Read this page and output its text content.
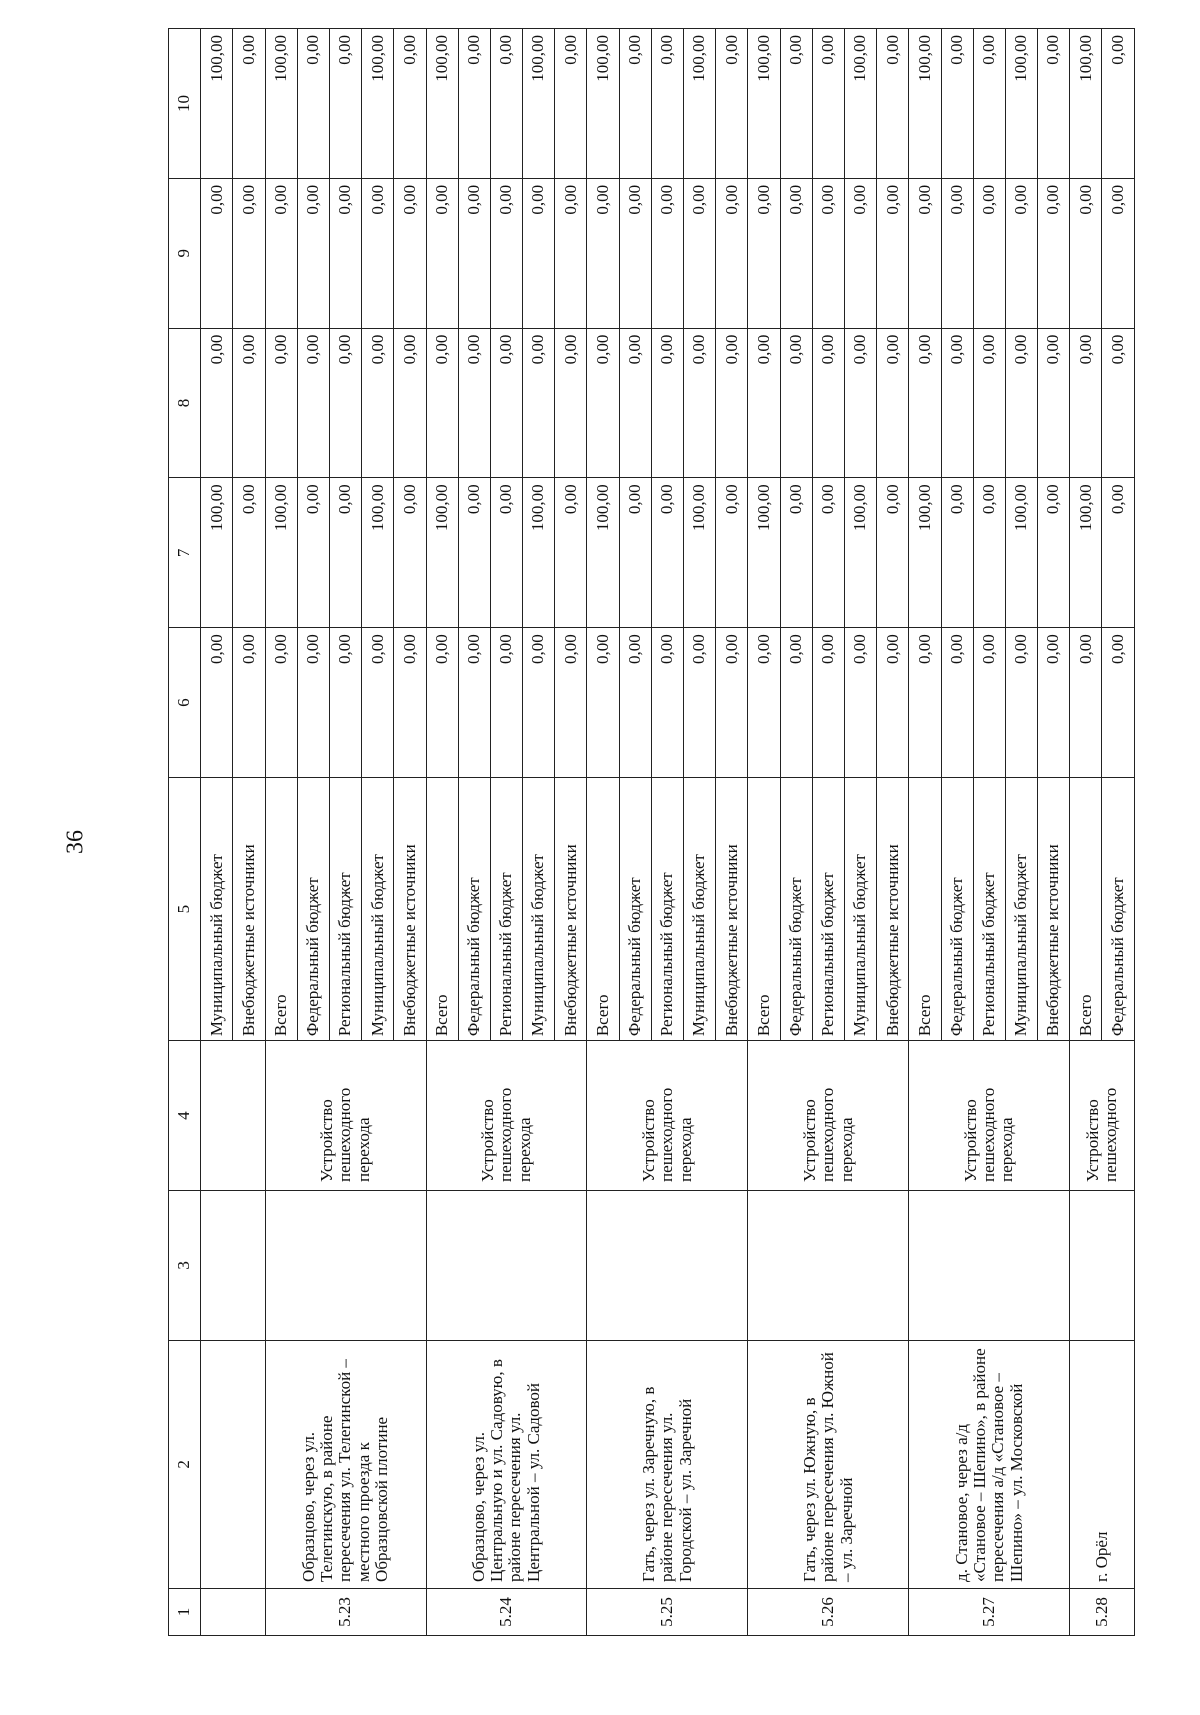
36
1	2	3	4	5	6	7	8	9	10
				Муниципальный бюджет	0,00	100,00	0,00	0,00	100,00
				Внебюджетные источники	0,00	0,00	0,00	0,00	0,00
5.23	Образцово, через ул. Телегинскую, в районе пересечения ул. Телегинской – местного проезда к Образцовской плотине		Устройство пешеходного перехода	Всего	0,00	100,00	0,00	0,00	100,00
				Федеральный бюджет	0,00	0,00	0,00	0,00	0,00
				Региональный бюджет	0,00	0,00	0,00	0,00	0,00
				Муниципальный бюджет	0,00	100,00	0,00	0,00	100,00
				Внебюджетные источники	0,00	0,00	0,00	0,00	0,00
5.24	Образцово, через ул. Центральную и ул. Садовую, в районе пересечения ул. Центральной – ул. Садовой		Устройство пешеходного перехода	Всего	0,00	100,00	0,00	0,00	100,00
				Федеральный бюджет	0,00	0,00	0,00	0,00	0,00
				Региональный бюджет	0,00	0,00	0,00	0,00	0,00
				Муниципальный бюджет	0,00	100,00	0,00	0,00	100,00
				Внебюджетные источники	0,00	0,00	0,00	0,00	0,00
5.25	Гать, через ул. Заречную, в районе пересечения ул. Городской – ул. Заречной		Устройство пешеходного перехода	Всего	0,00	100,00	0,00	0,00	100,00
				Федеральный бюджет	0,00	0,00	0,00	0,00	0,00
				Региональный бюджет	0,00	0,00	0,00	0,00	0,00
				Муниципальный бюджет	0,00	100,00	0,00	0,00	100,00
				Внебюджетные источники	0,00	0,00	0,00	0,00	0,00
5.26	Гать, через ул. Южную, в районе пересечения ул. Южной – ул. Заречной		Устройство пешеходного перехода	Всего	0,00	100,00	0,00	0,00	100,00
				Федеральный бюджет	0,00	0,00	0,00	0,00	0,00
				Региональный бюджет	0,00	0,00	0,00	0,00	0,00
				Муниципальный бюджет	0,00	100,00	0,00	0,00	100,00
				Внебюджетные источники	0,00	0,00	0,00	0,00	0,00
5.27	д. Становое, через а/д «Становое – Шепино», в районе пересечения а/д «Становое – Шепино» – ул. Московской		Устройство пешеходного перехода	Всего	0,00	100,00	0,00	0,00	100,00
				Федеральный бюджет	0,00	0,00	0,00	0,00	0,00
				Региональный бюджет	0,00	0,00	0,00	0,00	0,00
				Муниципальный бюджет	0,00	100,00	0,00	0,00	100,00
				Внебюджетные источники	0,00	0,00	0,00	0,00	0,00
5.28	г. Орёл		Устройство пешеходного	Всего	0,00	100,00	0,00	0,00	100,00
				Федеральный бюджет	0,00	0,00	0,00	0,00	0,00
